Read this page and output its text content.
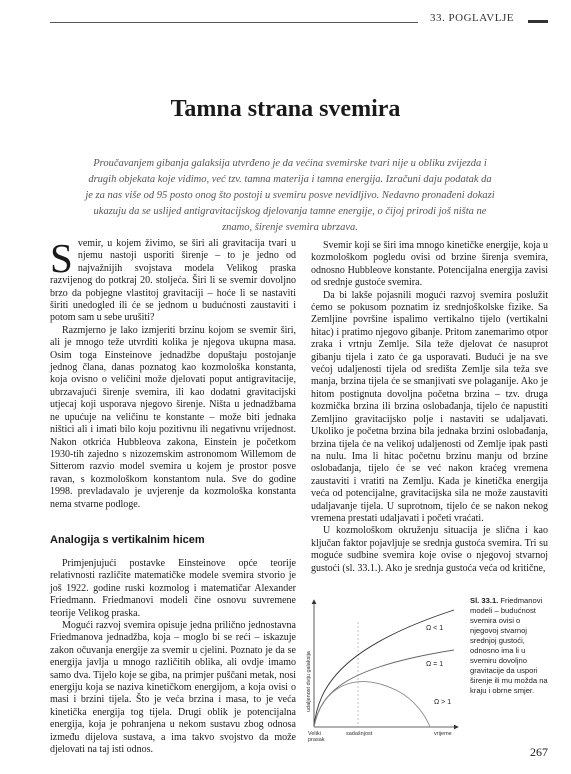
33. POGLAVLJE
Tamna strana svemira
Proučavanjem gibanja galaksija utvrđeno je da većina svemirske tvari nije u obliku zvijezda i drugih objekata koje vidimo, već tzv. tamna materija i tamna energija. Izračuni daju podatak da je za nas više od 95 posto onog što postoji u svemiru posve nevidljivo. Nedavno pronađeni dokazi ukazuju da se uslijed antigravitacijskog djelovanja tamne energije, o čijoj prirodi još ništa ne znamo, širenje svemira ubrzava.

Svemir, u kojem živimo, se širi ali gravitacija tvari u njemu nastoji usporiti širenje – to je jedno od najvažnijih svojstava modela Velikog praska razvijenog do potkraj 20. stoljeća. Širi li se svemir dovoljno brzo da pobjegne vlastitoj gravitaciji – hoće li se nastaviti širiti unedogled ili će se jednom u budućnosti zaustaviti i potom sam u sebe urušiti?

Razmjerno je lako izmjeriti brzinu kojom se svemir širi, ali je mnogo teže utvrditi kolika je njegova ukupna masa. Osim toga Einsteinove jednadžbe dopuštaju postojanje jednog člana, danas poznatog kao kozmološka konstanta, koja ovisno o veličini može djelovati poput antigravitacije, ubrzavajući širenje svemira, ili kao dodatni gravitacijski utjecaj koji usporava njegovo širenje. Ništa u jednadžbama ne upućuje na veličinu te konstante – može biti jednaka ništici ali i imati bilo koju pozitivnu ili negativnu vrijednost. Nakon otkrića Hubbleova zakona, Einstein je početkom 1930-tih zajedno s nizozemskim astronomom Willemom de Sitterom razvio model svemira u kojem je prostor posve ravan, s kozmološkom konstantom nula. Sve do godine 1998. prevladavalo je uvjerenje da kozmološka konstanta nema stvarne podloge.

Analogija s vertikalnim hicem

Primjenjujući postavke Einsteinove opće teorije relativnosti različite matematičke modele svemira stvorio je još 1922. godine ruski kozmolog i matematičar Alexander Friedmann. Friedmanovi modeli čine osnovu suvremene teorije Velikog praska.

Mogući razvoj svemira opisuje jedna prilično jednostavna Friedmanova jednadžba, koja – moglo bi se reći – iskazuje zakon očuvanja energije za svemir u cjelini. Poznato je da se energija javlja u mnogo različitih oblika, ali ovdje imamo samo dva. Tijelo koje se giba, na primjer puščani metak, nosi energiju koja se naziva kinetičkom energijom, a koja ovisi o masi i brzini tijela. Što je veća brzina i masa, to je veća kinetička energija tog tijela. Drugi oblik je potencijalna energija, koja je pohranjena u nekom sustavu zbog odnosa između dijelova sustava, a ima takvo svojstvo da može djelovati na taj isti odnos.

Svemir koji se širi ima mnogo kinetičke energije, koja u kozmološkom pogledu ovisi od brzine širenja svemira, odnosno Hubbleove konstante. Potencijalna energija zavisi od srednje gustoće svemira.

Da bi lakše pojasnili mogući razvoj svemira poslužit ćemo se pokusom poznatim iz srednjoškolske fizike. Sa Zemljine površine ispalimo vertikalno tijelo (vertikalni hitac) i pratimo njegovo gibanje. Pritom zanemarimo otpor zraka i vrtnju Zemlje. Sila teže djelovat će nasuprot gibanju tijela i zato će ga usporavati. Budući je na sve većoj udaljenosti tijela od središta Zemlje sila teža sve manja, brzina tijela će se smanjivati sve polaganije. Ako je hitom postignuta dovoljna početna brzina – tzv. druga kozmička brzina ili brzina oslobađanja, tijelo će napustiti Zemljino gravitacijsko polje i nastaviti se udaljavati. Ukoliko je početna brzina bila jednaka brzini oslobađanja, brzina tijela će na velikoj udaljenosti od Zemlje ipak pasti na nulu. Ima li hitac početnu brzinu manju od brzine oslobađanja, tijelo će se već nakon kraćeg vremena zaustaviti i vratiti na Zemlju. Kada je kinetička energija veća od potencijalne, gravitacijska sila ne može zaustaviti udaljavanje tijela. U suprotnom, tijelo će se nakon nekog vremena prestati udaljavati i početi vraćati.

U kozmološkom okruženju situacija je slična i kao ključan faktor pojavljuje se srednja gustoća svemira. Tri su moguće sudbine svemira koje ovise o njegovoj stvarnoj gustoći (sl. 33.1.). Ako je srednja gustoća veća od kritične,

Ω < 1
Ω = 1
Ω > 1
udaljenost dviju galaksija
vrijeme
Veliki
prasak
sadašnjost
Sl. 33.1. Friedmanovi modeli – budućnost svemira ovisi o njegovoj stvarnoj srednjoj gustoći, odnosno ima li u svemiru dovoljno gravitacije da uspori širenje ili mu možda na kraju i obrne smjer.
267
